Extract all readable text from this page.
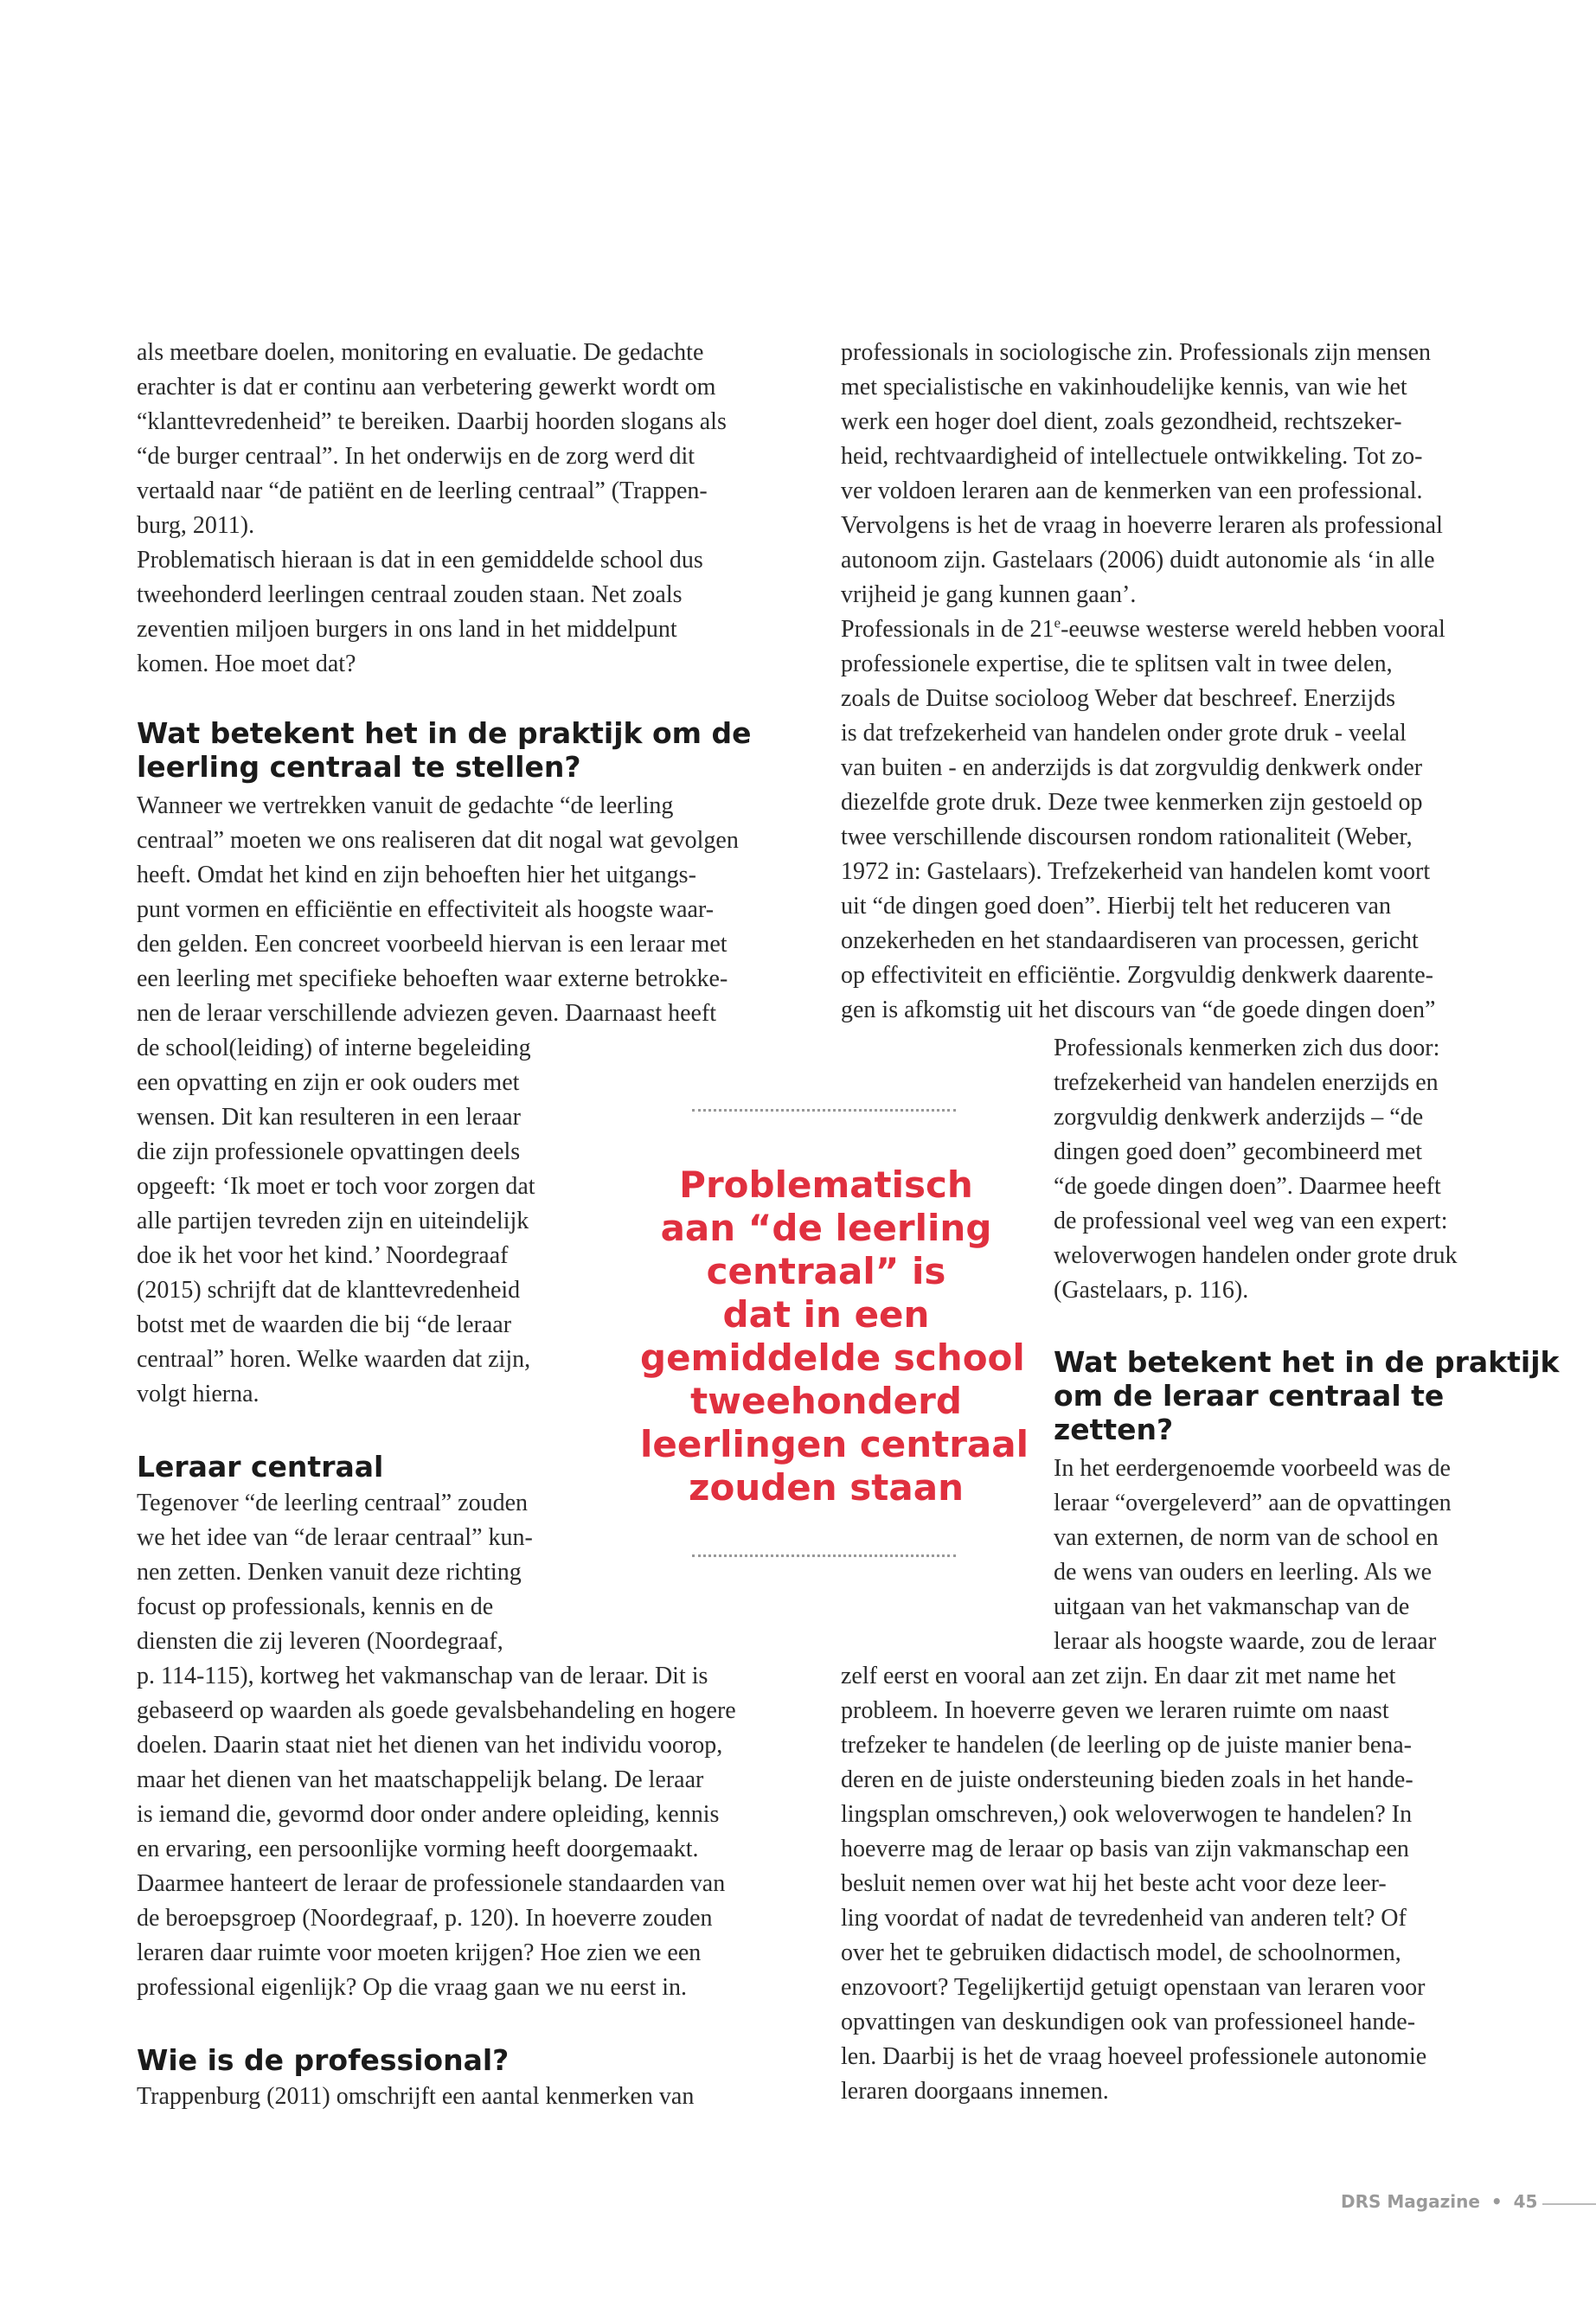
als meetbare doelen, monitoring en evaluatie. De gedachte
erachter is dat er continu aan verbetering gewerkt wordt om
“klanttevredenheid” te bereiken. Daarbij hoorden slogans als
“de burger centraal”. In het onderwijs en de zorg werd dit
vertaald naar “de patiënt en de leerling centraal” (Trappen-
burg, 2011).

Problematisch hieraan is dat in een gemiddelde school dus
tweehonderd leerlingen centraal zouden staan. Net zoals
zeventien miljoen burgers in ons land in het middelpunt
komen. Hoe moet dat?

Wat betekent het in de praktijk om de
leerling centraal te stellen?

Wanneer we vertrekken vanuit de gedachte “de leerling
centraal” moeten we ons realiseren dat dit nogal wat gevolgen
heeft. Omdat het kind en zijn behoeften hier het uitgangs-
punt vormen en efficiëntie en effectiviteit als hoogste waar-
den gelden. Een concreet voorbeeld hiervan is een leraar met
een leerling met specifieke behoeften waar externe betrokke-
nen de leraar verschillende adviezen geven. Daarnaast heeft

de school(leiding) of interne begeleiding
een opvatting en zijn er ook ouders met
wensen. Dit kan resulteren in een leraar
die zijn professionele opvattingen deels
opgeeft: ‘Ik moet er toch voor zorgen dat
alle partijen tevreden zijn en uiteindelijk
doe ik het voor het kind.’ Noordegraaf
(2015) schrijft dat de klanttevredenheid
botst met de waarden die bij “de leraar
centraal” horen. Welke waarden dat zijn,
volgt hierna.

Leraar centraal

Tegenover “de leerling centraal” zouden
we het idee van “de leraar centraal” kun-
nen zetten. Denken vanuit deze richting
focust op professionals, kennis en de
diensten die zij leveren (Noordegraaf,

p. 114-115), kortweg het vakmanschap van de leraar. Dit is
gebaseerd op waarden als goede gevalsbehandeling en hogere
doelen. Daarin staat niet het dienen van het individu voorop,
maar het dienen van het maatschappelijk belang. De leraar
is iemand die, gevormd door onder andere opleiding, kennis
en ervaring, een persoonlijke vorming heeft doorgemaakt.
Daarmee hanteert de leraar de professionele standaarden van
de beroepsgroep (Noordegraaf, p. 120). In hoeverre zouden
leraren daar ruimte voor moeten krijgen? Hoe zien we een
professional eigenlijk? Op die vraag gaan we nu eerst in.

Wie is de professional?

Trappenburg (2011) omschrijft een aantal kenmerken van

professionals in sociologische zin. Professionals zijn mensen
met specialistische en vakinhoudelijke kennis, van wie het
werk een hoger doel dient, zoals gezondheid, rechtszeker-
heid, rechtvaardigheid of intellectuele ontwikkeling. Tot zo-
ver voldoen leraren aan de kenmerken van een professional.
Vervolgens is het de vraag in hoeverre leraren als professional
autonoom zijn. Gastelaars (2006) duidt autonomie als ‘in alle
vrijheid je gang kunnen gaan’.

Professionals in de 21e-eeuwse westerse wereld hebben vooral

professionele expertise, die te splitsen valt in twee delen,
zoals de Duitse socioloog Weber dat beschreef. Enerzijds
is dat trefzekerheid van handelen onder grote druk - veelal
van buiten - en anderzijds is dat zorgvuldig denkwerk onder
diezelfde grote druk. Deze twee kenmerken zijn gestoeld op
twee verschillende discoursen rondom rationaliteit (Weber,
1972 in: Gastelaars). Trefzekerheid van handelen komt voort
uit “de dingen goed doen”. Hierbij telt het reduceren van
onzekerheden en het standaardiseren van processen, gericht
op effectiviteit en efficiëntie. Zorgvuldig denkwerk daarente-
gen is afkomstig uit het discours van “de goede dingen doen”

Professionals kenmerken zich dus door:
trefzekerheid van handelen enerzijds en
zorgvuldig denkwerk anderzijds – “de
dingen goed doen” gecombineerd met
“de goede dingen doen”. Daarmee heeft
de professional veel weg van een expert:
weloverwogen handelen onder grote druk
(Gastelaars, p. 116).

Wat betekent het in de praktijk
om de leraar centraal te
zetten?

In het eerdergenoemde voorbeeld was de
leraar “overgeleverd” aan de opvattingen
van externen, de norm van de school en
de wens van ouders en leerling. Als we
uitgaan van het vakmanschap van de
leraar als hoogste waarde, zou de leraar

zelf eerst en vooral aan zet zijn. En daar zit met name het
probleem. In hoeverre geven we leraren ruimte om naast
trefzeker te handelen (de leerling op de juiste manier bena-
deren en de juiste ondersteuning bieden zoals in het hande-
lingsplan omschreven,) ook weloverwogen te handelen? In
hoeverre mag de leraar op basis van zijn vakmanschap een
besluit nemen over wat hij het beste acht voor deze leer-
ling voordat of nadat de tevredenheid van anderen telt? Of
over het te gebruiken didactisch model, de schoolnormen,
enzovoort? Tegelijkertijd getuigt openstaan van leraren voor
opvattingen van deskundigen ook van professioneel hande-
len. Daarbij is het de vraag hoeveel professionele autonomie
leraren doorgaans innemen.

Problematisch
aan “de leerling
centraal” is
dat in een
gemiddelde school
tweehonderd
leerlingen centraal
zouden staan
DRS Magazine • 45
